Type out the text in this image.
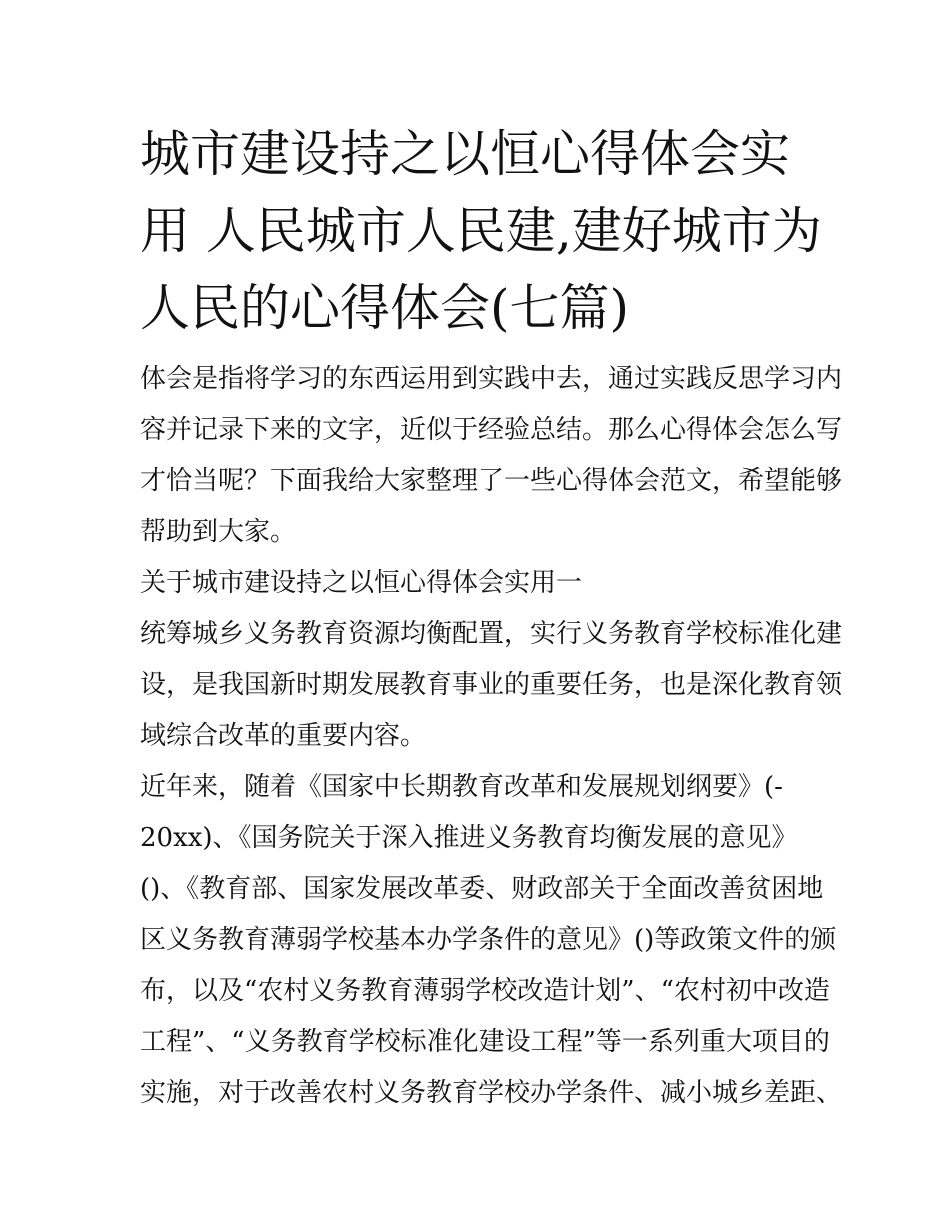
城市建设持之以恒心得体会实
用 人民城市人民建,建好城市为
人民的心得体会(七篇)
体会是指将学习的东西运用到实践中去，通过实践反思学习内
容并记录下来的文字，近似于经验总结。那么心得体会怎么写
才恰当呢？下面我给大家整理了一些心得体会范文，希望能够
帮助到大家。
关于城市建设持之以恒心得体会实用一
统筹城乡义务教育资源均衡配置，实行义务教育学校标准化建
设，是我国新时期发展教育事业的重要任务，也是深化教育领
域综合改革的重要内容。
近年来，随着《国家中长期教育改革和发展规划纲要》(-
20xx)、《国务院关于深入推进义务教育均衡发展的意见》
()、《教育部、国家发展改革委、财政部关于全面改善贫困地
区义务教育薄弱学校基本办学条件的意见》()等政策文件的颁
布，以及“农村义务教育薄弱学校改造计划”、“农村初中改造
工程”、“义务教育学校标准化建设工程”等一系列重大项目的
实施，对于改善农村义务教育学校办学条件、减小城乡差距、
